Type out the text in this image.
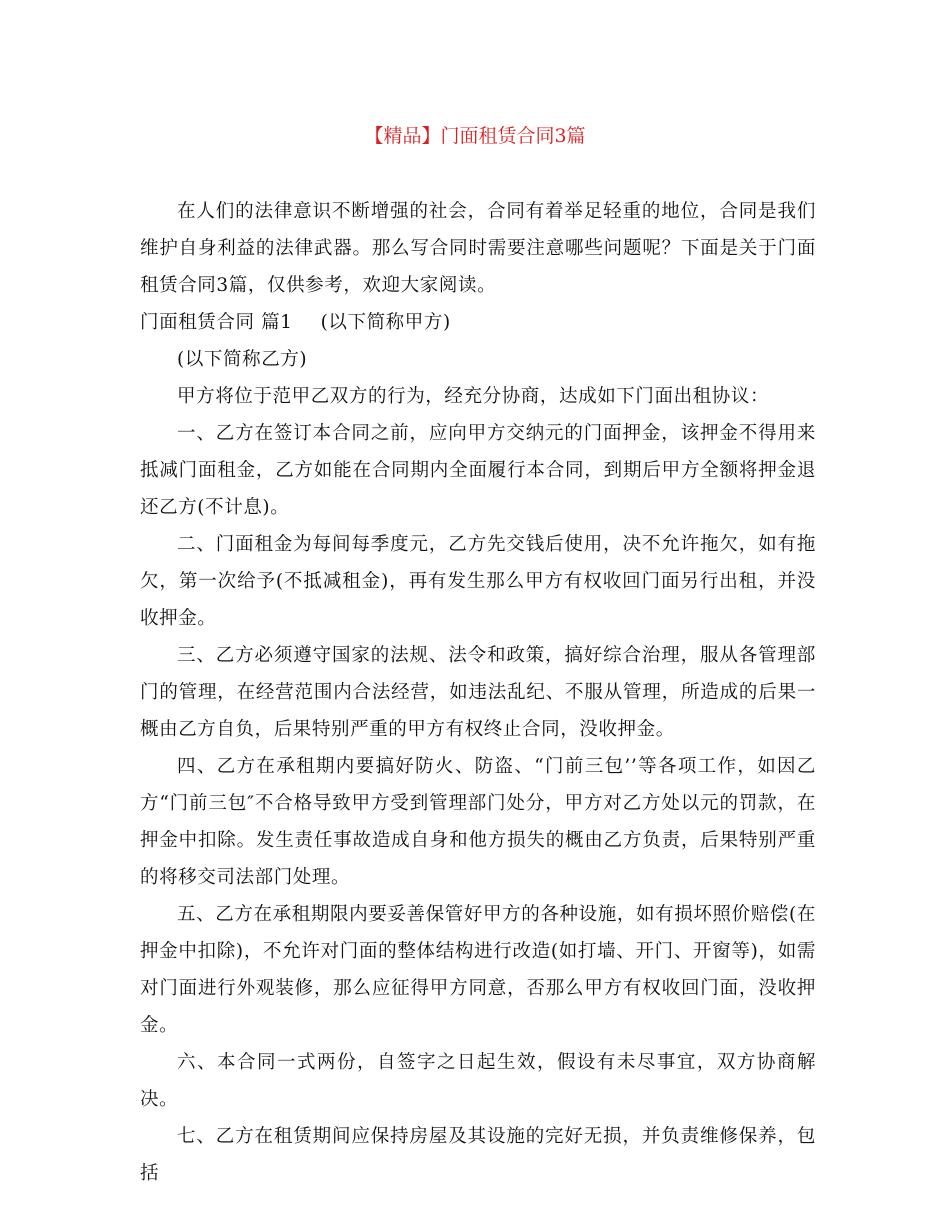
【精品】门面租赁合同3篇

在人们的法律意识不断增强的社会，合同有着举足轻重的地位，合同是我们维护自身利益的法律武器。那么写合同时需要注意哪些问题呢？下面是关于门面租赁合同3篇，仅供参考，欢迎大家阅读。

门面租赁合同 篇1 (以下简称甲方)

(以下简称乙方)

甲方将位于范甲乙双方的行为，经充分协商，达成如下门面出租协议：

一、乙方在签订本合同之前，应向甲方交纳元的门面押金，该押金不得用来抵减门面租金，乙方如能在合同期内全面履行本合同，到期后甲方全额将押金退还乙方(不计息)。

二、门面租金为每间每季度元，乙方先交钱后使用，决不允许拖欠，如有拖欠，第一次给予(不抵减租金)，再有发生那么甲方有权收回门面另行出租，并没收押金。

三、乙方必须遵守国家的法规、法令和政策，搞好综合治理，服从各管理部门的管理，在经营范围内合法经营，如违法乱纪、不服从管理，所造成的后果一概由乙方自负，后果特别严重的甲方有权终止合同，没收押金。

四、乙方在承租期内要搞好防火、防盗、“门前三包’’等各项工作，如因乙方“门前三包″不合格导致甲方受到管理部门处分，甲方对乙方处以元的罚款，在押金中扣除。发生责任事故造成自身和他方损失的概由乙方负责，后果特别严重的将移交司法部门处理。

五、乙方在承租期限内要妥善保管好甲方的各种设施，如有损坏照价赔偿(在押金中扣除)，不允许对门面的整体结构进行改造(如打墙、开门、开窗等)，如需对门面进行外观装修，那么应征得甲方同意，否那么甲方有权收回门面，没收押金。

六、本合同一式两份，自签字之日起生效，假设有未尽事宜，双方协商解决。

七、乙方在租赁期间应保持房屋及其设施的完好无损，并负责维修保养，包括
